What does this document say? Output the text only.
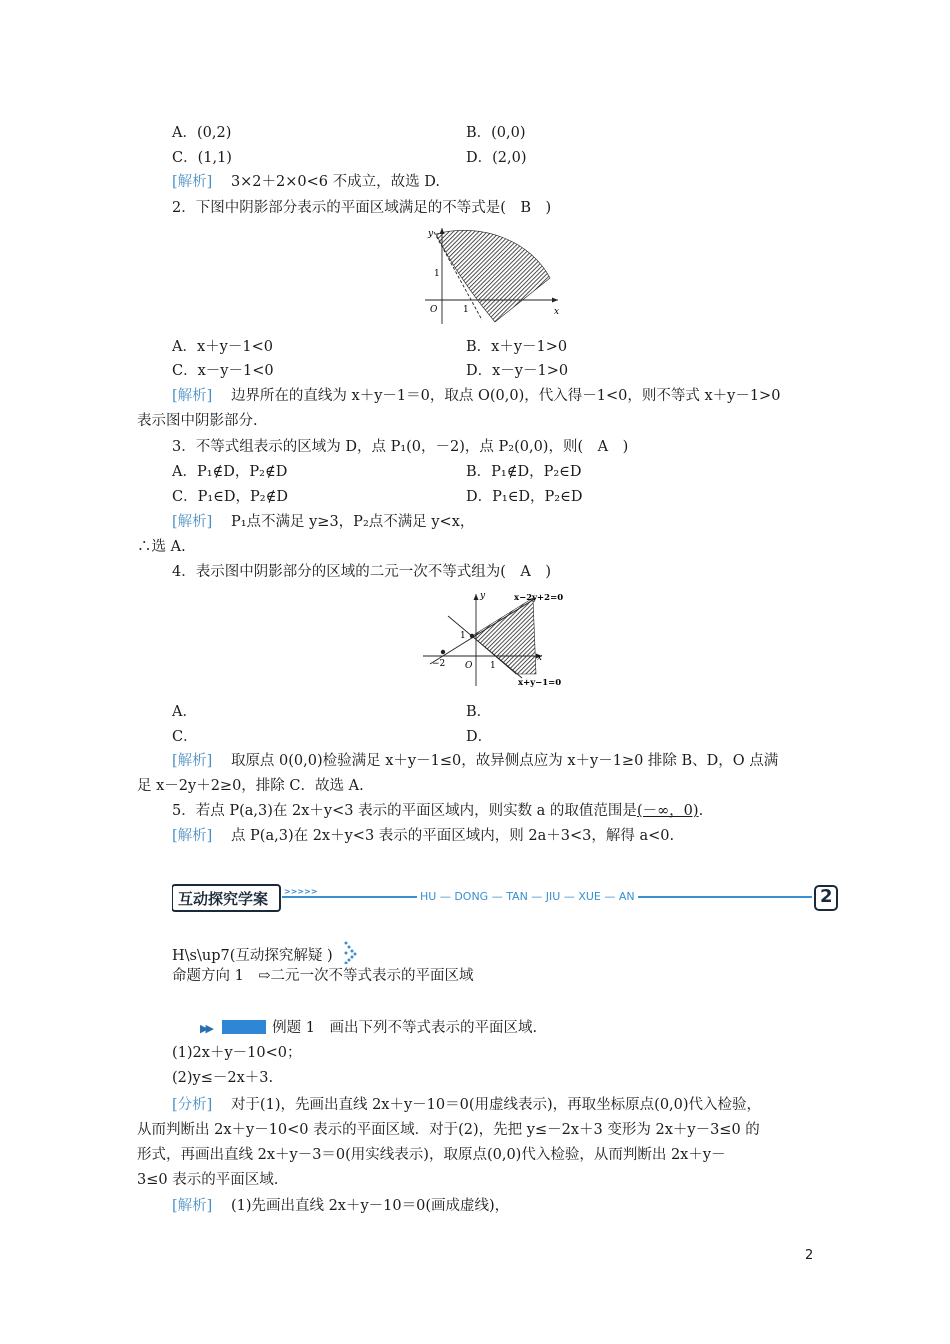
A．(0,2)	B．(0,0)
C．(1,1)	D．(2,0)
[解析] 3×2＋2×0<6 不成立，故选 D.
2．下图中阴影部分表示的平面区域满足的不等式是(　B　)
y
x
O	1
1
A．x＋y－1<0	B．x＋y－1>0
C．x－y－1<0	D．x－y－1>0
[解析] 边界所在的直线为 x＋y－1＝0，取点 O(0,0)，代入得－1<0，则不等式 x＋y－1>0
表示图中阴影部分.
3．不等式组表示的区域为 D，点 P₁(0，－2)，点 P₂(0,0)，则(　A　)
A．P₁∉D，P₂∉D	B．P₁∉D，P₂∈D
C．P₁∈D，P₂∉D	D．P₁∈D，P₂∈D
[解析] P₁点不满足 y≥3，P₂点不满足 y<x，
∴选 A.
4．表示图中阴影部分的区域的二元一次不等式组为(　A　)
x−2y+2=0
x+y−1=0
y
x
O
−2	1
1
A．	B．
C．	D．
[解析] 取原点 0(0,0)检验满足 x＋y－1≤0，故异侧点应为 x＋y－1≥0 排除 B、D，O 点满
足 x－2y＋2≥0，排除 C．故选 A.
5．若点 P(a,3)在 2x＋y<3 表示的平面区域内，则实数 a 的取值范围是(－∞，0).
[解析] 点 P(a,3)在 2x＋y<3 表示的平面区域内，则 2a＋3<3，解得 a<0.
互动探究学案 >>>>>	HU — DONG — TAN — JIU — XUE — AN	2
H\s\up7(互动探究解疑 )
命题方向 1　⇨二元一次不等式表示的平面区域
▶▶	例题 1　画出下列不等式表示的平面区域.
(1)2x＋y－10<0；
(2)y≤－2x＋3.
[分析] 对于(1)，先画出直线 2x＋y－10＝0(用虚线表示)，再取坐标原点(0,0)代入检验，
从而判断出 2x＋y－10<0 表示的平面区域．对于(2)，先把 y≤－2x＋3 变形为 2x＋y－3≤0 的
形式，再画出直线 2x＋y－3＝0(用实线表示)，取原点(0,0)代入检验，从而判断出 2x＋y－
3≤0 表示的平面区域.
[解析] (1)先画出直线 2x＋y－10＝0(画成虚线)，
2
